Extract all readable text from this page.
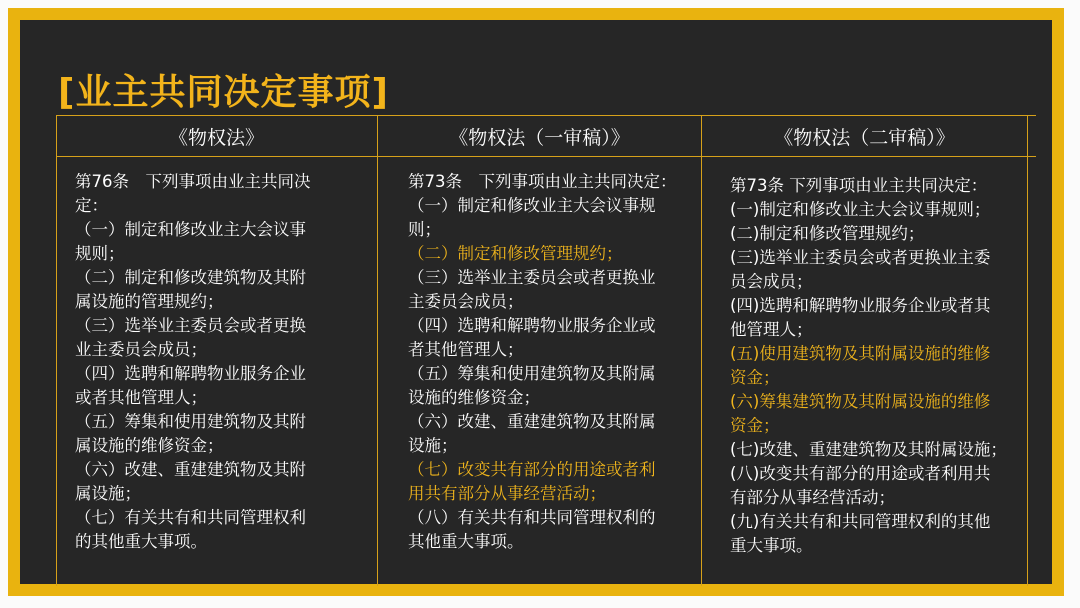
[业主共同决定事项]
《物权法》	《物权法（一审稿）》	《物权法（二审稿）》
第76条　下列事项由业主共同决
定：
（一）制定和修改业主大会议事
规则；
（二）制定和修改建筑物及其附
属设施的管理规约；
（三）选举业主委员会或者更换
业主委员会成员；
（四）选聘和解聘物业服务企业
或者其他管理人；
（五）筹集和使用建筑物及其附
属设施的维修资金；
（六）改建、重建建筑物及其附
属设施；
（七）有关共有和共同管理权利
的其他重大事项。
第73条　下列事项由业主共同决定：
（一）制定和修改业主大会议事规
则；
（二）制定和修改管理规约；
（三）选举业主委员会或者更换业
主委员会成员；
（四）选聘和解聘物业服务企业或
者其他管理人；
（五）筹集和使用建筑物及其附属
设施的维修资金；
（六）改建、重建建筑物及其附属
设施；
（七）改变共有部分的用途或者利
用共有部分从事经营活动；
（八）有关共有和共同管理权利的
其他重大事项。
第73条 下列事项由业主共同决定：
(一)制定和修改业主大会议事规则；
(二)制定和修改管理规约；
(三)选举业主委员会或者更换业主委
员会成员；
(四)选聘和解聘物业服务企业或者其
他管理人；
(五)使用建筑物及其附属设施的维修
资金；
(六)筹集建筑物及其附属设施的维修
资金；
(七)改建、重建建筑物及其附属设施；
(八)改变共有部分的用途或者利用共
有部分从事经营活动；
(九)有关共有和共同管理权利的其他
重大事项。
